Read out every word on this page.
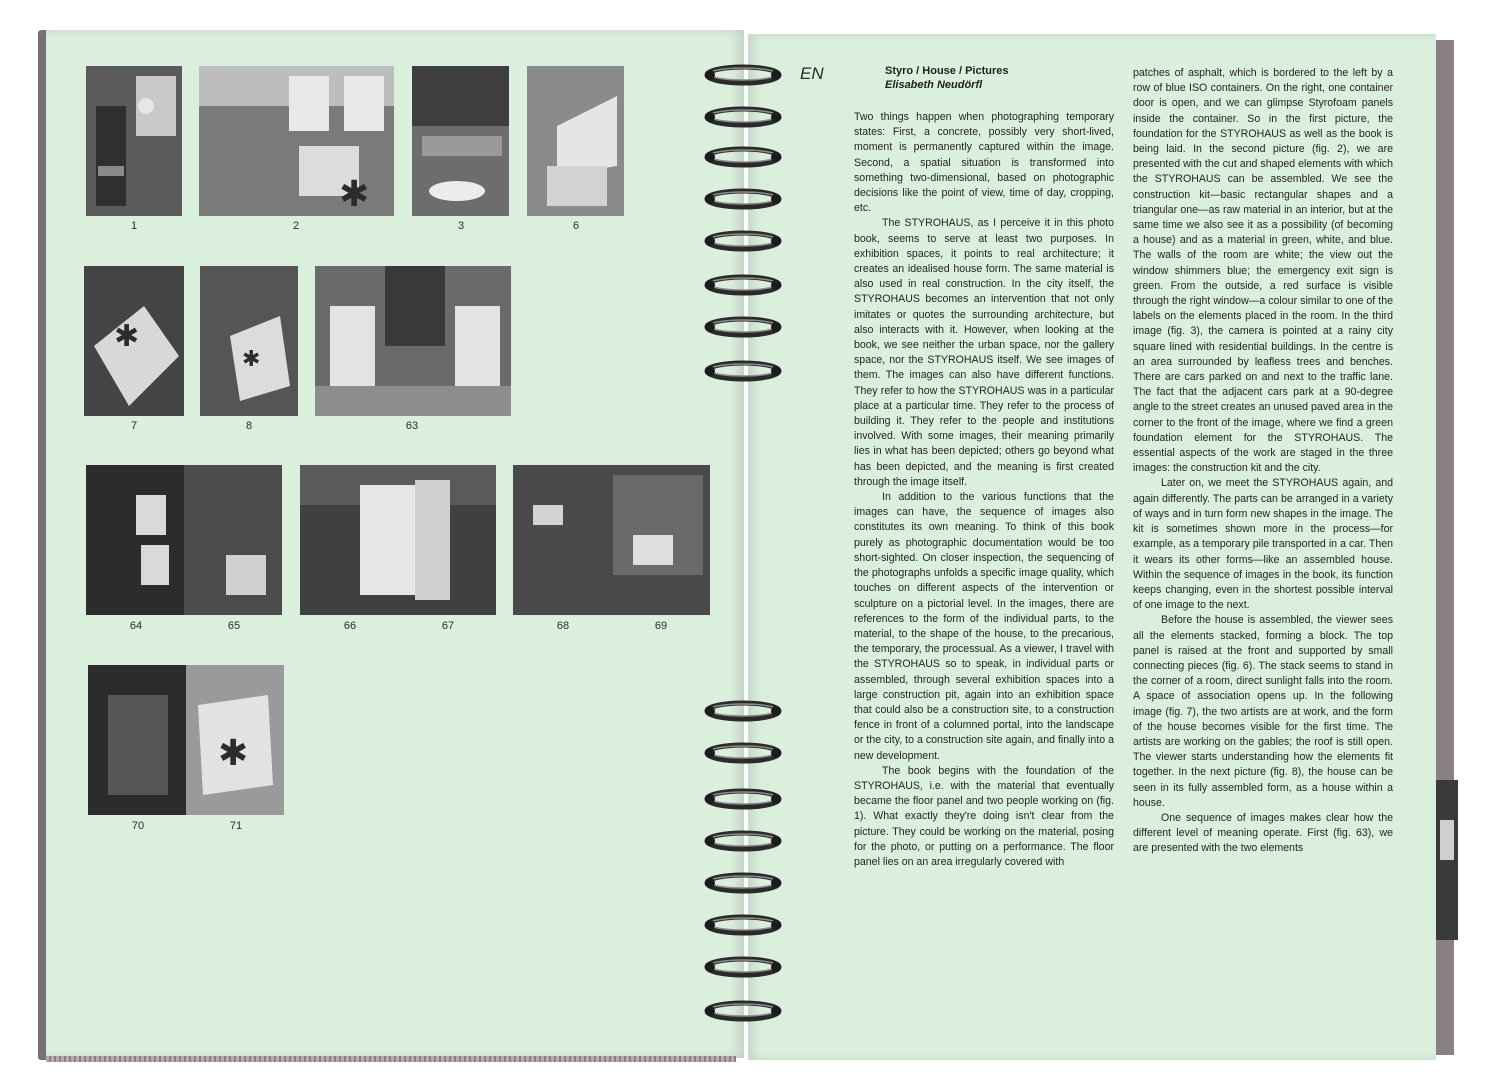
✱
1	2	3	6
✱
✱
7	8	63
64	65	66	67	68	69
✱
70	71
EN	Styro / House / Pictures
Elisabeth Neudörfl

Two things happen when photographing temporary states: First, a concrete, possibly very short-lived, moment is permanently captured within the image. Second, a spatial situation is transformed into something two-dimensional, based on photographic decisions like the point of view, time of day, cropping, etc.

The STYROHAUS, as I perceive it in this photo book, seems to serve at least two purposes. In exhibition spaces, it points to real architecture; it creates an idealised house form. The same material is also used in real construction. In the city itself, the STYROHAUS becomes an intervention that not only imitates or quotes the surrounding architecture, but also interacts with it. However, when looking at the book, we see neither the urban space, nor the gallery space, nor the STYROHAUS itself. We see images of them. The images can also have different functions. They refer to how the STYROHAUS was in a particular place at a particular time. They refer to the process of building it. They refer to the people and institutions involved. With some images, their meaning primarily lies in what has been depicted; others go beyond what has been depicted, and the meaning is first created through the image itself.

In addition to the various functions that the images can have, the sequence of images also constitutes its own meaning. To think of this book purely as photographic documentation would be too short-sighted. On closer inspection, the sequencing of the photographs unfolds a specific image quality, which touches on different aspects of the intervention or sculpture on a pictorial level. In the images, there are references to the form of the individual parts, to the material, to the shape of the house, to the precarious, the temporary, the processual. As a viewer, I travel with the STYROHAUS so to speak, in individual parts or assembled, through several exhibition spaces into a large construction pit, again into an exhibition space that could also be a construction site, to a construction fence in front of a columned portal, into the landscape or the city, to a construction site again, and finally into a new development.

The book begins with the foundation of the STYROHAUS, i.e. with the material that eventually became the floor panel and two people working on (fig. 1). What exactly they're doing isn't clear from the picture. They could be working on the material, posing for the photo, or putting on a performance. The floor panel lies on an area irregularly covered with

patches of asphalt, which is bordered to the left by a row of blue ISO containers. On the right, one container door is open, and we can glimpse Styrofoam panels inside the container. So in the first picture, the foundation for the STYROHAUS as well as the book is being laid. In the second picture (fig. 2), we are presented with the cut and shaped elements with which the STYROHAUS can be assembled. We see the construction kit—basic rectangular shapes and a triangular one—as raw material in an interior, but at the same time we also see it as a possibility (of becoming a house) and as a material in green, white, and blue. The walls of the room are white; the view out the window shimmers blue; the emergency exit sign is green. From the outside, a red surface is visible through the right window—a colour similar to one of the labels on the elements placed in the room. In the third image (fig. 3), the camera is pointed at a rainy city square lined with residential buildings. In the centre is an area surrounded by leafless trees and benches. There are cars parked on and next to the traffic lane. The fact that the adjacent cars park at a 90-degree angle to the street creates an unused paved area in the corner to the front of the image, where we find a green foundation element for the STYROHAUS. The essential aspects of the work are staged in the three images: the construction kit and the city.

Later on, we meet the STYROHAUS again, and again differently. The parts can be arranged in a variety of ways and in turn form new shapes in the image. The kit is sometimes shown more in the process—for example, as a temporary pile transported in a car. Then it wears its other forms—like an assembled house. Within the sequence of images in the book, its function keeps changing, even in the shortest possible interval of one image to the next.

Before the house is assembled, the viewer sees all the elements stacked, forming a block. The top panel is raised at the front and supported by small connecting pieces (fig. 6). The stack seems to stand in the corner of a room, direct sunlight falls into the room. A space of association opens up. In the following image (fig. 7), the two artists are at work, and the form of the house becomes visible for the first time. The artists are working on the gables; the roof is still open. The viewer starts understanding how the elements fit together. In the next picture (fig. 8), the house can be seen in its fully assembled form, as a house within a house.

One sequence of images makes clear how the different level of meaning operate. First (fig. 63), we are presented with the two elements
